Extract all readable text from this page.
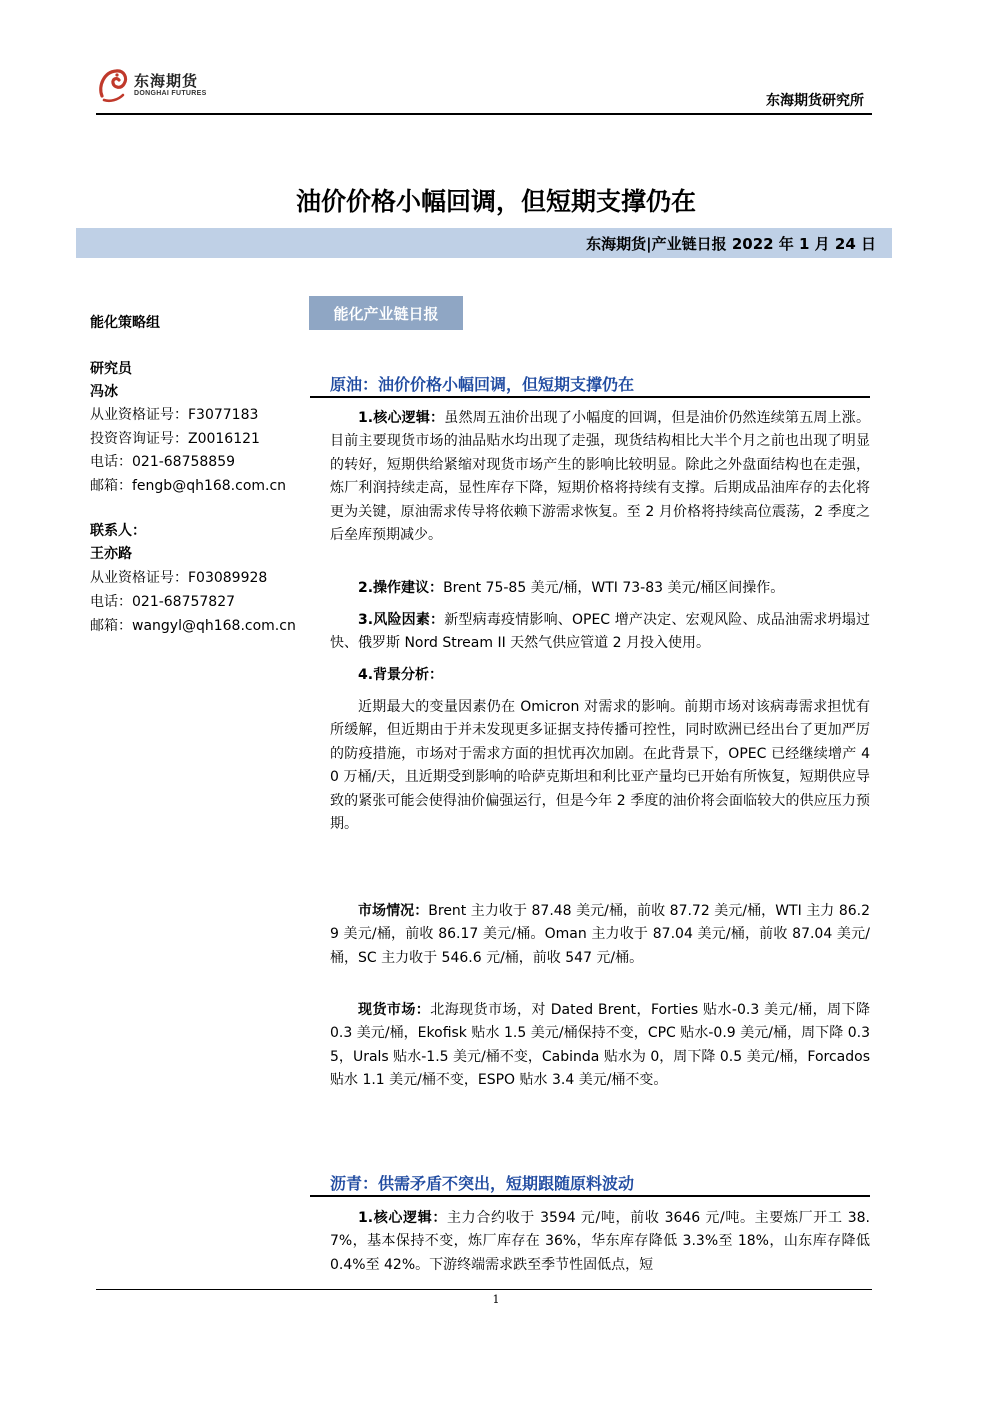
东海期货
DONGHAI FUTURES	东海期货研究所
油价价格小幅回调，但短期支撑仍在
东海期货|产业链日报 2022 年 1 月 24 日
能化策略组
研究员
冯冰
从业资格证号：F3077183
投资咨询证号：Z0016121
电话：021-68758859
邮箱：fengb@qh168.com.cn
联系人：
王亦路
从业资格证号：F03089928
电话：021-68757827
邮箱：wangyl@qh168.com.cn
能化产业链日报
原油：油价价格小幅回调，但短期支撑仍在
1.核心逻辑：虽然周五油价出现了小幅度的回调，但是油价仍然连续第五周上涨。目前主要现货市场的油品贴水均出现了走强，现货结构相比大半个月之前也出现了明显的转好，短期供给紧缩对现货市场产生的影响比较明显。除此之外盘面结构也在走强，炼厂利润持续走高，显性库存下降，短期价格将持续有支撑。后期成品油库存的去化将更为关键，原油需求传导将依赖下游需求恢复。至 2 月价格将持续高位震荡，2 季度之后垒库预期减少。
2.操作建议：Brent 75-85 美元/桶，WTI 73-83 美元/桶区间操作。
3.风险因素：新型病毒疫情影响、OPEC 增产决定、宏观风险、成品油需求坍塌过快、俄罗斯 Nord Stream II 天然气供应管道 2 月投入使用。
4.背景分析：
近期最大的变量因素仍在 Omicron 对需求的影响。前期市场对该病毒需求担忧有所缓解，但近期由于并未发现更多证据支持传播可控性，同时欧洲已经出台了更加严厉的防疫措施，市场对于需求方面的担忧再次加剧。在此背景下，OPEC 已经继续增产 40 万桶/天，且近期受到影响的哈萨克斯坦和利比亚产量均已开始有所恢复，短期供应导致的紧张可能会使得油价偏强运行，但是今年 2 季度的油价将会面临较大的供应压力预期。
市场情况：Brent 主力收于 87.48 美元/桶，前收 87.72 美元/桶，WTI 主力 86.29 美元/桶，前收 86.17 美元/桶。Oman 主力收于 87.04 美元/桶，前收 87.04 美元/桶，SC 主力收于 546.6 元/桶，前收 547 元/桶。
现货市场：北海现货市场，对 Dated Brent，Forties 贴水-0.3 美元/桶，周下降 0.3 美元/桶，Ekofisk 贴水 1.5 美元/桶保持不变，CPC 贴水-0.9 美元/桶，周下降 0.35，Urals 贴水-1.5 美元/桶不变，Cabinda 贴水为 0，周下降 0.5 美元/桶，Forcados 贴水 1.1 美元/桶不变，ESPO 贴水 3.4 美元/桶不变。
沥青：供需矛盾不突出，短期跟随原料波动
1.核心逻辑：主力合约收于 3594 元/吨，前收 3646 元/吨。主要炼厂开工 38.7%，基本保持不变，炼厂库存在 36%，华东库存降低 3.3%至 18%，山东库存降低 0.4%至 42%。下游终端需求跌至季节性固低点，短
1
